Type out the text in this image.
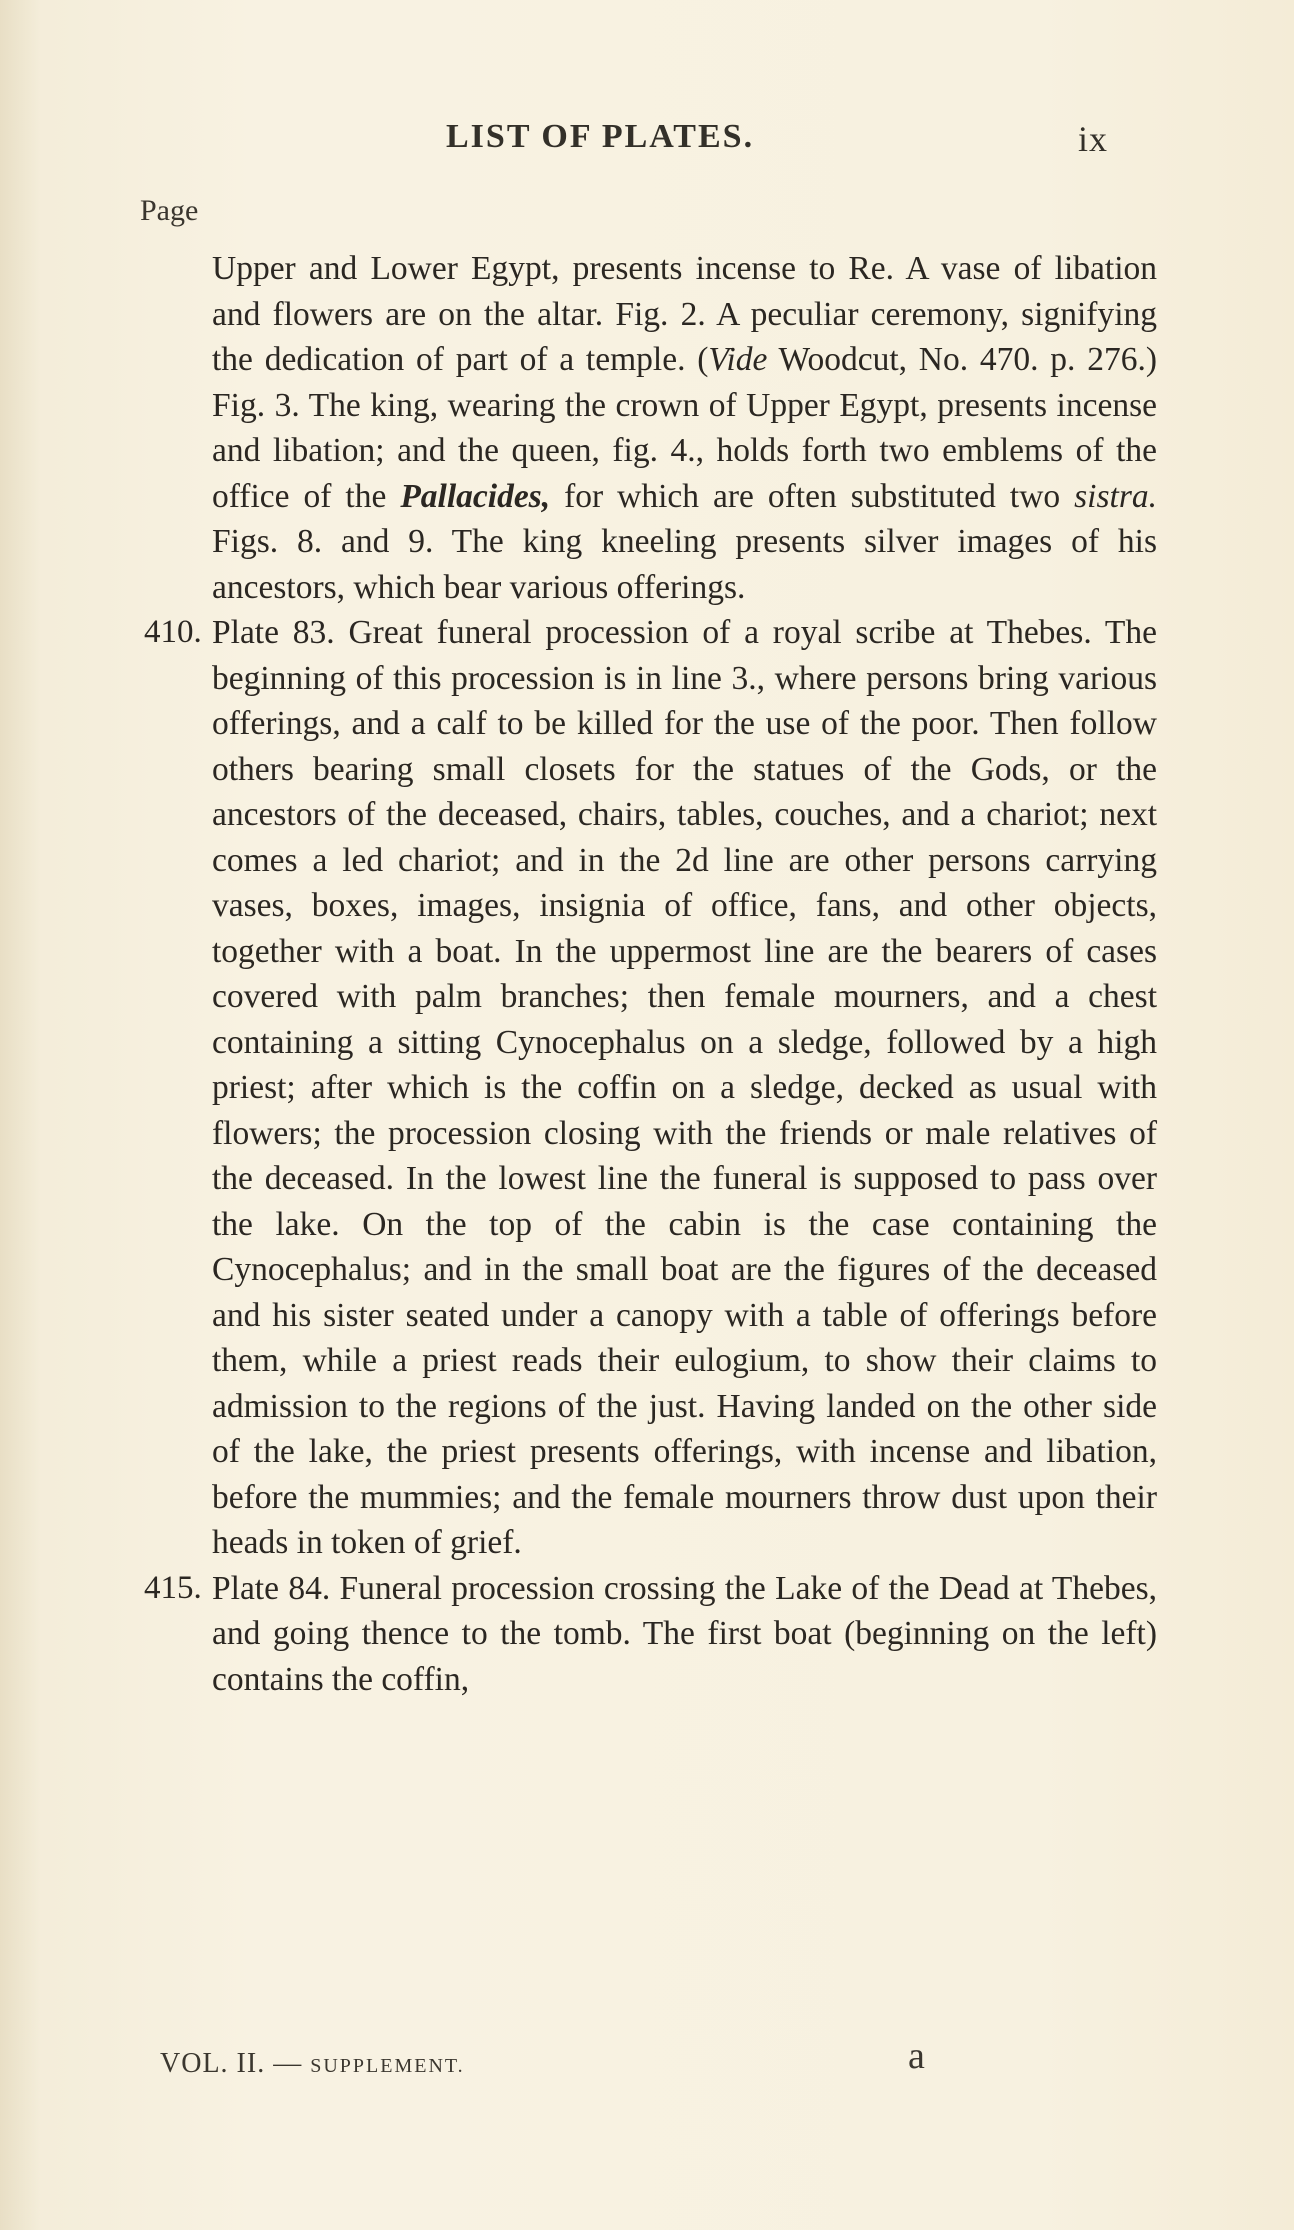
LIST OF PLATES.	ix
Page

Upper and Lower Egypt, presents incense to Re. A vase of libation and flowers are on the altar. Fig. 2. A peculiar ceremony, signifying the dedication of part of a temple. (Vide Woodcut, No. 470. p. 276.) Fig. 3. The king, wearing the crown of Upper Egypt, presents incense and libation; and the queen, fig. 4., holds forth two emblems of the office of the Pallacides, for which are often substituted two sistra. Figs. 8. and 9. The king kneeling presents silver images of his ancestors, which bear various offerings.

410. Plate 83. Great funeral procession of a royal scribe at Thebes. The beginning of this procession is in line 3., where persons bring various offerings, and a calf to be killed for the use of the poor. Then follow others bearing small closets for the statues of the Gods, or the ancestors of the deceased, chairs, tables, couches, and a chariot; next comes a led chariot; and in the 2d line are other persons carrying vases, boxes, images, insignia of office, fans, and other objects, together with a boat. In the uppermost line are the bearers of cases covered with palm branches; then female mourners, and a chest containing a sitting Cynocephalus on a sledge, followed by a high priest; after which is the coffin on a sledge, decked as usual with flowers; the procession closing with the friends or male relatives of the deceased. In the lowest line the funeral is supposed to pass over the lake. On the top of the cabin is the case containing the Cynocephalus; and in the small boat are the figures of the deceased and his sister seated under a canopy with a table of offerings before them, while a priest reads their eulogium, to show their claims to admission to the regions of the just. Having landed on the other side of the lake, the priest presents offerings, with incense and libation, before the mummies; and the female mourners throw dust upon their heads in token of grief.

415. Plate 84. Funeral procession crossing the Lake of the Dead at Thebes, and going thence to the tomb. The first boat (beginning on the left) contains the coffin,

VOL. II. — SUPPLEMENT.	a
